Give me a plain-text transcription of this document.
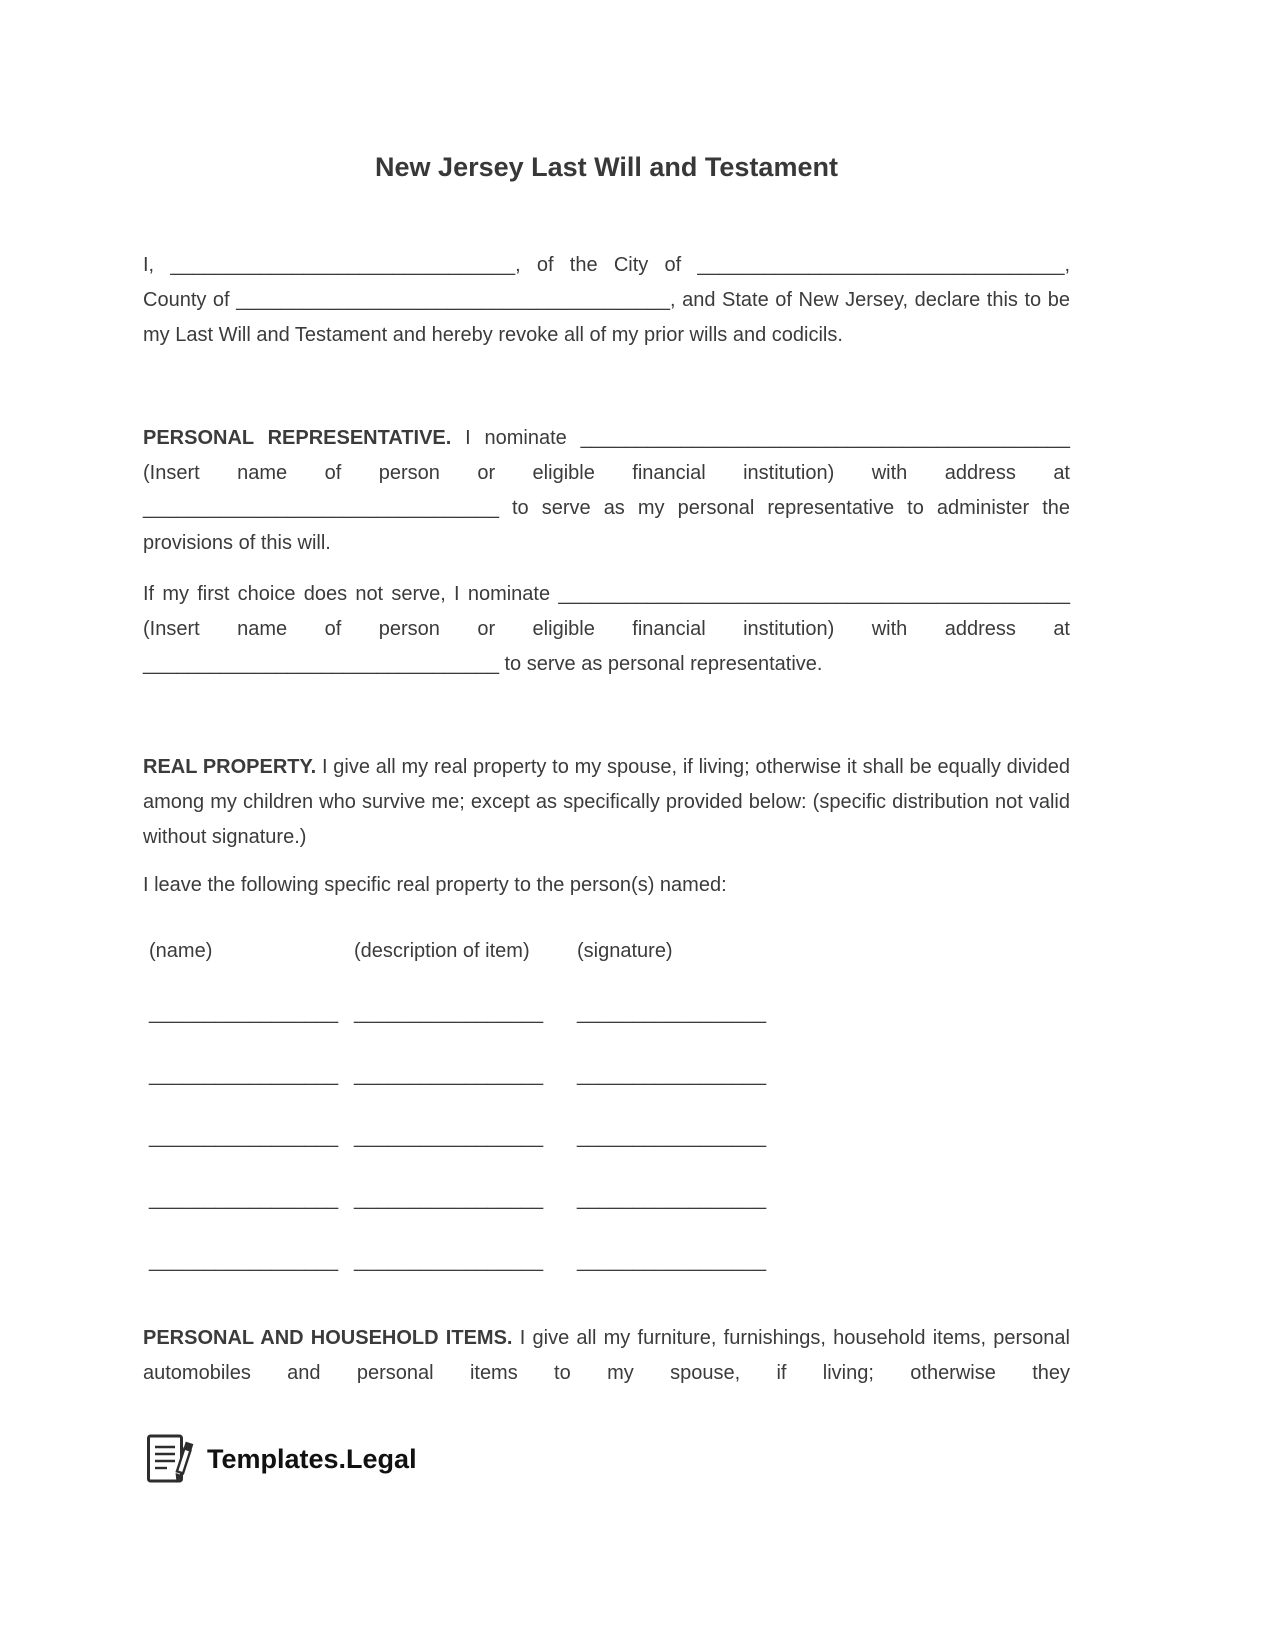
New Jersey Last Will and Testament

I, _______________________________, of the City of _________________________________, County of _______________________________________, and State of New Jersey, declare this to be my Last Will and Testament and hereby revoke all of my prior wills and codicils.

PERSONAL REPRESENTATIVE. I nominate ____________________________________________ (Insert name of person or eligible financial institution) with address at ________________________________ to serve as my personal representative to administer the provisions of this will.

If my first choice does not serve, I nominate ______________________________________________ (Insert name of person or eligible financial institution) with address at ________________________________ to serve as personal representative.

REAL PROPERTY. I give all my real property to my spouse, if living; otherwise it shall be equally divided among my children who survive me; except as specifically provided below: (specific distribution not valid without signature.)

I leave the following specific real property to the person(s) named:

(name)	(description of item)	(signature)
_________________ _________________	_________________
_________________ _________________	_________________
_________________ _________________	_________________
_________________ _________________	_________________
_________________ _________________	_________________

PERSONAL AND HOUSEHOLD ITEMS. I give all my furniture, furnishings, household items, personal automobiles and personal items to my spouse, if living; otherwise they

Templates.Legal
